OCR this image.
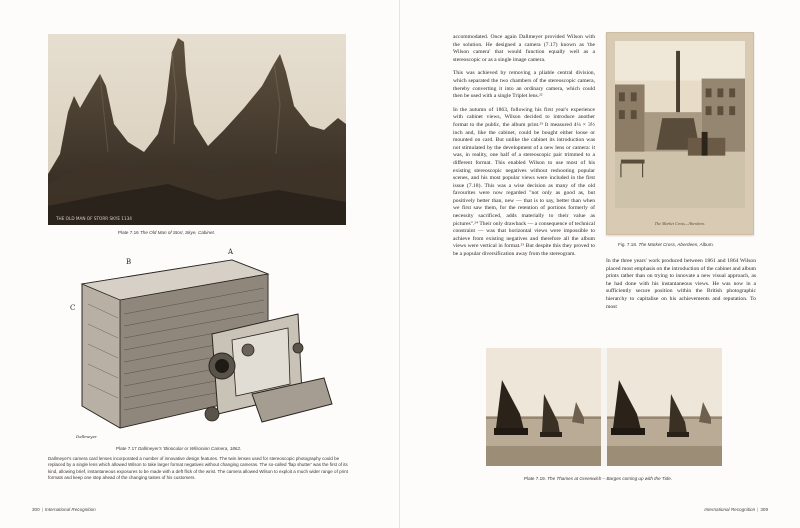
THE OLD MAN OF STORR SKYE 1134
Plate 7.16 The Old Man of Storr, Skye, Cabinet.
A
B
C
Dallmeyer
Plate 7.17 Dallmeyer's 'Binocular or Wilsonian Camera, 1862.
Dallmeyer's camera card lenses incorporated a number of innovative design features. The twin lenses used for stereoscopic photography could be replaced by a single lens which allowed Wilson to take larger format negatives without changing cameras. The so-called 'flap shutter' was the first of its kind, allowing brief, instantaneous exposures to be made with a deft flick of the wrist. The camera allowed Wilson to exploit a much wider range of print formats and keep one step ahead of the changing tastes of his customers.
300 | International Recognition

accommodated. Once again Dallmeyer provided Wilson with the solution. He designed a camera (7.17) known as 'the Wilson camera' that would function equally well as a stereoscopic or as a single image camera.

This was achieved by removing a pliable central division, which separated the two chambers of the stereoscopic camera, thereby converting it into an ordinary camera, which could then be used with a single Triplet lens.²²

In the autumn of 1863, following his first year's experience with cabinet views, Wilson decided to introduce another format to the public, the album print.²³ It measured 4¼ × 3½ inch and, like the cabinet, could be bought either loose or mounted on card. But unlike the cabinet its introduction was not stimulated by the development of a new lens or camera: it was, in reality, one half of a stereoscopic pair trimmed to a different format. This enabled Wilson to use most of his existing stereoscopic negatives without reshooting popular scenes, and his most popular views were included in the first issue (7.18). This was a wise decision as many of the old favourites were now regarded "not only as good as, but positively better than, new — that is to say, better than when we first saw them, for the retention of portions formerly of necessity sacrificed, adds materially to their value as pictures".²⁴ Their only drawback — a consequence of technical constraint — was that horizontal views were impossible to achieve from existing negatives and therefore all the album views were vertical in format.²⁵ But despite this they proved to be a popular diversification away from the stereogram.

The Market Cross—Aberdeen.
Fig. 7.18. The Market Cross, Aberdeen, Album.

In the three years' work produced between 1861 and 1864 Wilson placed most emphasis on the introduction of the cabinet and album prints rather than on trying to innovate a new visual approach, as he had done with his instantaneous views. He was now in a sufficiently secure position within the British photographic hierarchy to capitalise on his achievements and reputation. To most

Plate 7.19. The Thames at Greenwich – Barges coming up with the Tide.
International Recognition | 309
